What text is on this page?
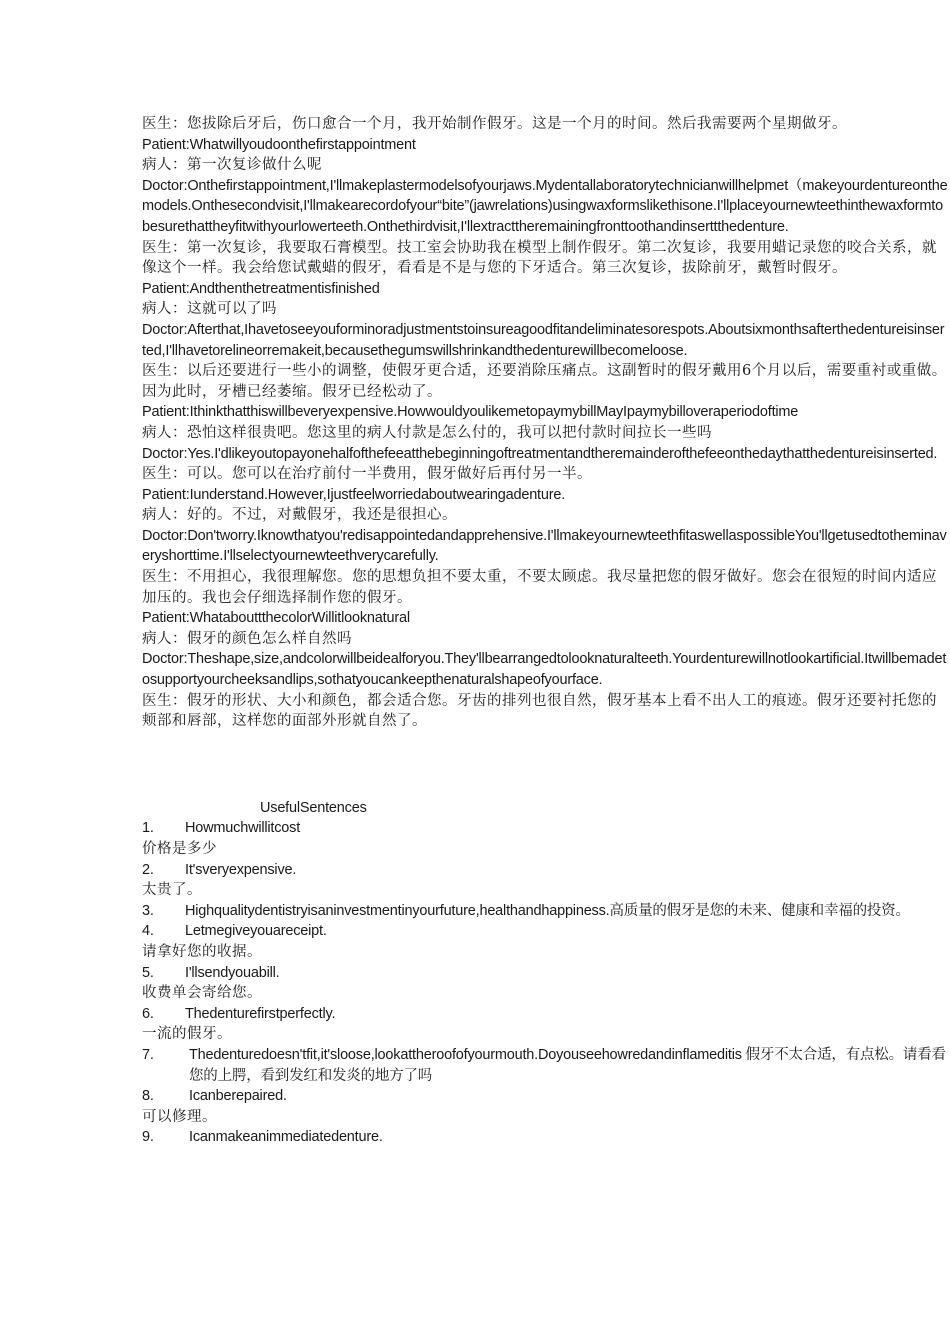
医生：您拔除后牙后，伤口愈合一个月，我开始制作假牙。这是一个月的时间。然后我需要两个星期做牙。

Patient:Whatwillyoudoonthefirstappointment

病人：第一次复诊做什么呢

Doctor:Onthefirstappointment,I'llmakeplastermodelsofyourjaws.Mydentallaboratorytechnicianwillhelpmet（makeyourdentureonthemodels.Onthesecondvisit,I'llmakearecordofyour“bite”(jawrelations)usingwaxformslikethisone.I'llplaceyournewteethinthewaxformtobesurethattheyfitwithyourlowerteeth.Onthethirdvisit,I'llextracttheremainingfronttoothandinserttthedenture.

医生：第一次复诊，我要取石膏模型。技工室会协助我在模型上制作假牙。第二次复诊，我要用蜡记录您的咬合关系，就像这个一样。我会给您试戴蜡的假牙，看看是不是与您的下牙适合。第三次复诊，拔除前牙，戴暂时假牙。

Patient:Andthenthetreatmentisfinished

病人：这就可以了吗

Doctor:Afterthat,Ihavetoseeyouforminoradjustmentstoinsureagoodfitandeliminatesorespots.Aboutsixmonthsafterthedentureisinserted,I'llhavetorelineorremakeit,becausethegumswillshrinkandthedenturewillbecomeloose.

医生：以后还要进行一些小的调整，使假牙更合适，还要消除压痛点。这副暂时的假牙戴用6个月以后，需要重衬或重做。因为此时，牙槽已经萎缩。假牙已经松动了。

Patient:Ithinkthatthiswillbeveryexpensive.HowwouldyoulikemetopaymybillMayIpaymybilloveraperiodoftime

病人：恐怕这样很贵吧。您这里的病人付款是怎么付的，我可以把付款时间拉长一些吗

Doctor:Yes.I'dlikeyoutopayonehalfofthefeeatthebeginningoftreatmentandtheremainderofthefeeonthedaythatthedentureisinserted.

医生：可以。您可以在治疗前付一半费用，假牙做好后再付另一半。

Patient:Iunderstand.However,Ijustfeelworriedaboutwearingadenture.

病人：好的。不过，对戴假牙，我还是很担心。

Doctor:Don'tworry.Iknowthatyou'redisappointedandapprehensive.I'llmakeyournewteethfitaswellaspossibleYou'llgetusedtotheminaveryshorttime.I'llselectyournewteethverycarefully.

医生：不用担心，我很理解您。您的思想负担不要太重，不要太顾虑。我尽量把您的假牙做好。您会在很短的时间内适应加压的。我也会仔细选择制作您的假牙。

Patient:WhatabouttthecolorWillitlooknatural

病人：假牙的颜色怎么样自然吗

Doctor:Theshape,size,andcolorwillbeidealforyou.They'llbearrangedtolooknaturalteeth.Yourdenturewillnotlookartificial.Itwillbemadetosupportyourcheeksandlips,sothatyoucankeepthenaturalshapeofyourface.

医生：假牙的形状、大小和颜色，都会适合您。牙齿的排列也很自然，假牙基本上看不出人工的痕迹。假牙还要衬托您的颊部和唇部，这样您的面部外形就自然了。

UsefulSentences

1.	Howmuchwillitcost

价格是多少

2.	It'sveryexpensive.

太贵了。

3.	Highqualitydentistryisaninvestmentinyourfuture,healthandhappiness.高质量的假牙是您的未来、健康和幸福的投资。
4.	Letmegiveyouareceipt.

请拿好您的收据。

5.	I'llsendyouabill.

收费单会寄给您。

6.	Thedenturefirstperfectly.

一流的假牙。

7.	Thedenturedoesn'tfit,it'sloose,lookattheroofofyourmouth.Doyouseehowredandinflameditis 假牙不太合适，有点松。请看看您的上腭，看到发红和发炎的地方了吗
8.	Icanberepaired.

可以修理。

9.	Icanmakeanimmediatedenture.
